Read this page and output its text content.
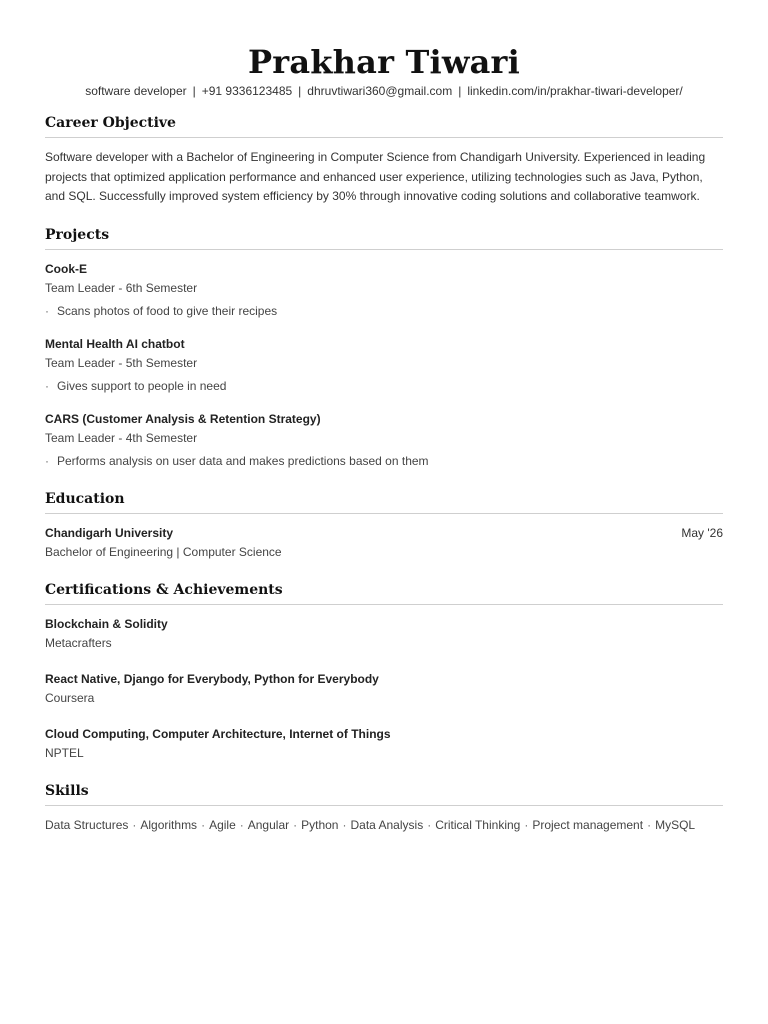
Prakhar Tiwari
software developer | +91 9336123485 | dhruvtiwari360@gmail.com | linkedin.com/in/prakhar-tiwari-developer/
Career Objective

Software developer with a Bachelor of Engineering in Computer Science from Chandigarh University. Experienced in leading projects that optimized application performance and enhanced user experience, utilizing technologies such as Java, Python, and SQL. Successfully improved system efficiency by 30% through innovative coding solutions and collaborative teamwork.

Projects
Cook-E
Team Leader - 6th Semester
· Scans photos of food to give their recipes
Mental Health AI chatbot
Team Leader - 5th Semester
· Gives support to people in need
CARS (Customer Analysis & Retention Strategy)
Team Leader - 4th Semester
· Performs analysis on user data and makes predictions based on them
Education
Chandigarh University	May '26
Bachelor of Engineering | Computer Science
Certifications & Achievements
Blockchain & Solidity
Metacrafters
React Native, Django for Everybody, Python for Everybody
Coursera
Cloud Computing, Computer Architecture, Internet of Things
NPTEL
Skills
Data Structures · Algorithms · Agile · Angular · Python · Data Analysis · Critical Thinking · Project management · MySQL
